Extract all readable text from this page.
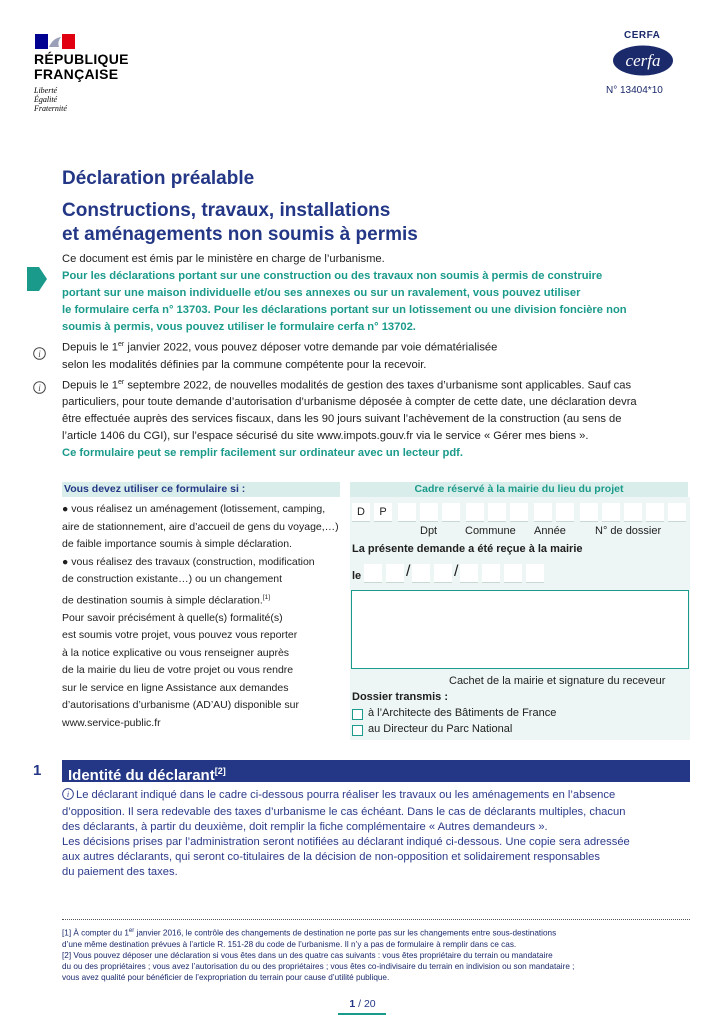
RÉPUBLIQUE
FRANÇAISE
Liberté
Égalité
Fraternité
CERFA
cerfa
N° 13404*10
Déclaration préalable
Constructions, travaux, installations
et aménagements non soumis à permis
Ce document est émis par le ministère en charge de l’urbanisme.
Pour les déclarations portant sur une construction ou des travaux non soumis à permis de construire
portant sur une maison individuelle et/ou ses annexes ou sur un ravalement, vous pouvez utiliser
le formulaire cerfa n° 13703. Pour les déclarations portant sur un lotissement ou une division foncière non
soumis à permis, vous pouvez utiliser le formulaire cerfa n° 13702.
Depuis le 1er janvier 2022, vous pouvez déposer votre demande par voie dématérialisée
selon les modalités définies par la commune compétente pour la recevoir.
Depuis le 1er septembre 2022, de nouvelles modalités de gestion des taxes d’urbanisme sont applicables. Sauf cas
particuliers, pour toute demande d’autorisation d’urbanisme déposée à compter de cette date, une déclaration devra
être effectuée auprès des services fiscaux, dans les 90 jours suivant l’achèvement de la construction (au sens de
l’article 1406 du CGI), sur l’espace sécurisé du site www.impots.gouv.fr via le service « Gérer mes biens ».
Ce formulaire peut se remplir facilement sur ordinateur avec un lecteur pdf.
i
i
Vous devez utiliser ce formulaire si :
● vous réalisez un aménagement (lotissement, camping,
aire de stationnement, aire d’accueil de gens du voyage,…)
de faible importance soumis à simple déclaration.
● vous réalisez des travaux (construction, modification
de construction existante…) ou un changement
de destination soumis à simple déclaration.[1]
Pour savoir précisément à quelle(s) formalité(s)
est soumis votre projet, vous pouvez vous reporter
à la notice explicative ou vous renseigner auprès
de la mairie du lieu de votre projet ou vous rendre
sur le service en ligne Assistance aux demandes
d’autorisations d’urbanisme (AD’AU) disponible sur
www.service-public.fr
Cadre réservé à la mairie du lieu du projet
D	P
Dpt	Commune Année	N° de dossier
La présente demande a été reçue à la mairie
le	/	/
Cachet de la mairie et signature du receveur
Dossier transmis :
à l’Architecte des Bâtiments de France
au Directeur du Parc National
1 Identité du déclarant[2]
i Le déclarant indiqué dans le cadre ci-dessous pourra réaliser les travaux ou les aménagements en l’absence
d’opposition. Il sera redevable des taxes d’urbanisme le cas échéant. Dans le cas de déclarants multiples, chacun
des déclarants, à partir du deuxième, doit remplir la fiche complémentaire « Autres demandeurs ».
Les décisions prises par l’administration seront notifiées au déclarant indiqué ci-dessous. Une copie sera adressée
aux autres déclarants, qui seront co-titulaires de la décision de non-opposition et solidairement responsables
du paiement des taxes.
[1] À compter du 1er janvier 2016, le contrôle des changements de destination ne porte pas sur les changements entre sous-destinations
d’une même destination prévues à l’article R. 151-28 du code de l’urbanisme. Il n’y a pas de formulaire à remplir dans ce cas.
[2] Vous pouvez déposer une déclaration si vous êtes dans un des quatre cas suivants : vous êtes propriétaire du terrain ou mandataire
du ou des propriétaires ; vous avez l’autorisation du ou des propriétaires ; vous êtes co-indivisaire du terrain en indivision ou son mandataire ;
vous avez qualité pour bénéficier de l’expropriation du terrain pour cause d’utilité publique.
1 / 20
